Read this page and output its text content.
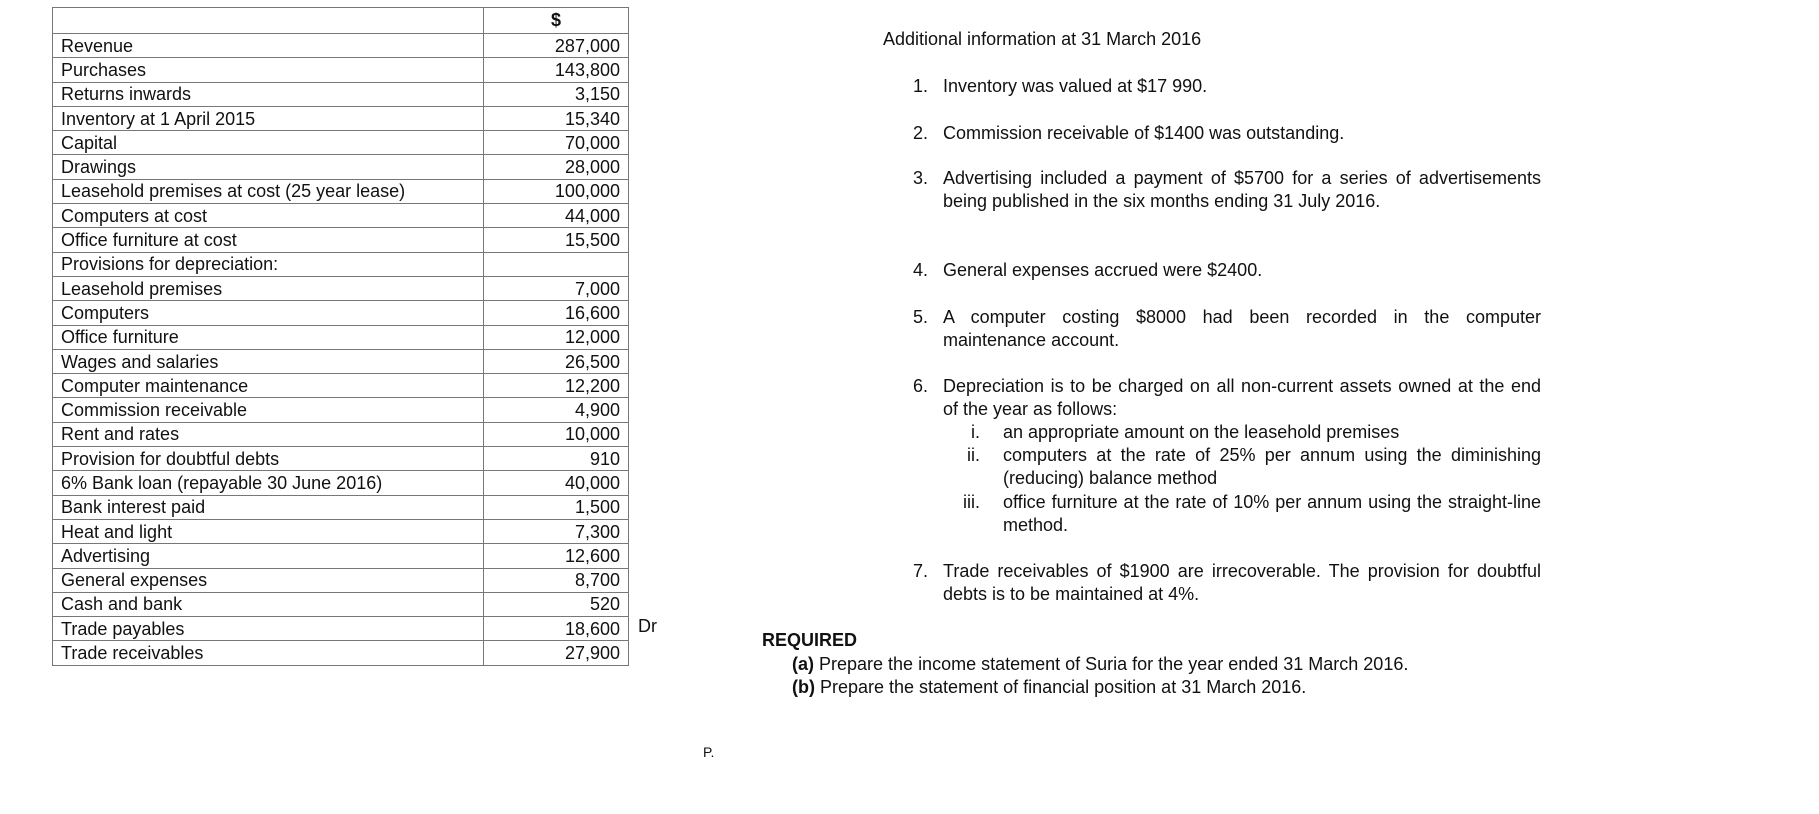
	$
Revenue	287,000
Purchases	143,800
Returns inwards	3,150
Inventory at 1 April 2015	15,340
Capital	70,000
Drawings	28,000
Leasehold premises at cost (25 year lease)	100,000
Computers at cost	44,000
Office furniture at cost	15,500
Provisions for depreciation:	
Leasehold premises	7,000
Computers	16,600
Office furniture	12,000
Wages and salaries	26,500
Computer maintenance	12,200
Commission receivable	4,900
Rent and rates	10,000
Provision for doubtful debts	910
6% Bank loan (repayable 30 June 2016)	40,000
Bank interest paid	1,500
Heat and light	7,300
Advertising	12,600
General expenses	8,700
Cash and bank	520
Trade payables	18,600
Trade receivables	27,900
Dr
Additional information at 31 March 2016
1. Inventory was valued at $17 990.
2. Commission receivable of $1400 was outstanding.
3. Advertising included a payment of $5700 for a series of advertisements being published in the six months ending 31 July 2016.
4. General expenses accrued were $2400.
5. A computer costing $8000 had been recorded in the computer maintenance account.
6. Depreciation is to be charged on all non-current assets owned at the end of the year as follows:
7. Trade receivables of $1900 are irrecoverable. The provision for doubtful debts is to be maintained at 4%.
i. an appropriate amount on the leasehold premises
ii. computers at the rate of 25% per annum using the diminishing (reducing) balance method
iii. office furniture at the rate of 10% per annum using the straight-line method.
REQUIRED
(a) Prepare the income statement of Suria for the year ended 31 March 2016.
(b) Prepare the statement of financial position at 31 March 2016.
P.
